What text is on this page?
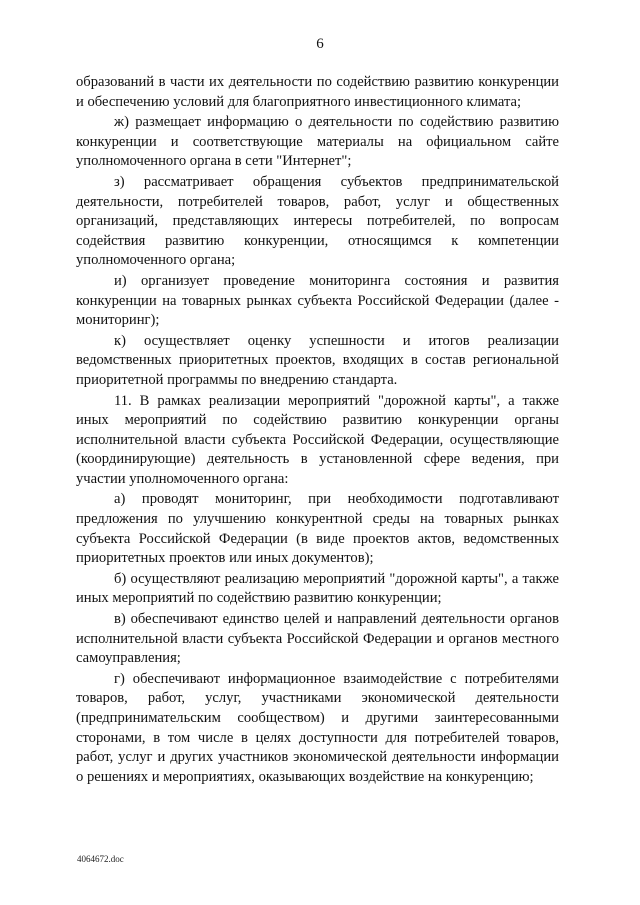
6

образований в части их деятельности по содействию развитию конкуренции и обеспечению условий для благоприятного инвестиционного климата;

ж) размещает информацию о деятельности по содействию развитию конкуренции и соответствующие материалы на официальном сайте уполномоченного органа в сети "Интернет";

з) рассматривает обращения субъектов предпринимательской деятельности, потребителей товаров, работ, услуг и общественных организаций, представляющих интересы потребителей, по вопросам содействия развитию конкуренции, относящимся к компетенции уполномоченного органа;

и) организует проведение мониторинга состояния и развития конкуренции на товарных рынках субъекта Российской Федерации (далее - мониторинг);

к) осуществляет оценку успешности и итогов реализации ведомственных приоритетных проектов, входящих в состав региональной приоритетной программы по внедрению стандарта.

11. В рамках реализации мероприятий "дорожной карты", а также иных мероприятий по содействию развитию конкуренции органы исполнительной власти субъекта Российской Федерации, осуществляющие (координирующие) деятельность в установленной сфере ведения, при участии уполномоченного органа:

а) проводят мониторинг, при необходимости подготавливают предложения по улучшению конкурентной среды на товарных рынках субъекта Российской Федерации (в виде проектов актов, ведомственных приоритетных проектов или иных документов);

б) осуществляют реализацию мероприятий "дорожной карты", а также иных мероприятий по содействию развитию конкуренции;

в) обеспечивают единство целей и направлений деятельности органов исполнительной власти субъекта Российской Федерации и органов местного самоуправления;

г) обеспечивают информационное взаимодействие с потребителями товаров, работ, услуг, участниками экономической деятельности (предпринимательским сообществом) и другими заинтересованными сторонами, в том числе в целях доступности для потребителей товаров, работ, услуг и других участников экономической деятельности информации о решениях и мероприятиях, оказывающих воздействие на конкуренцию;

4064672.doc
